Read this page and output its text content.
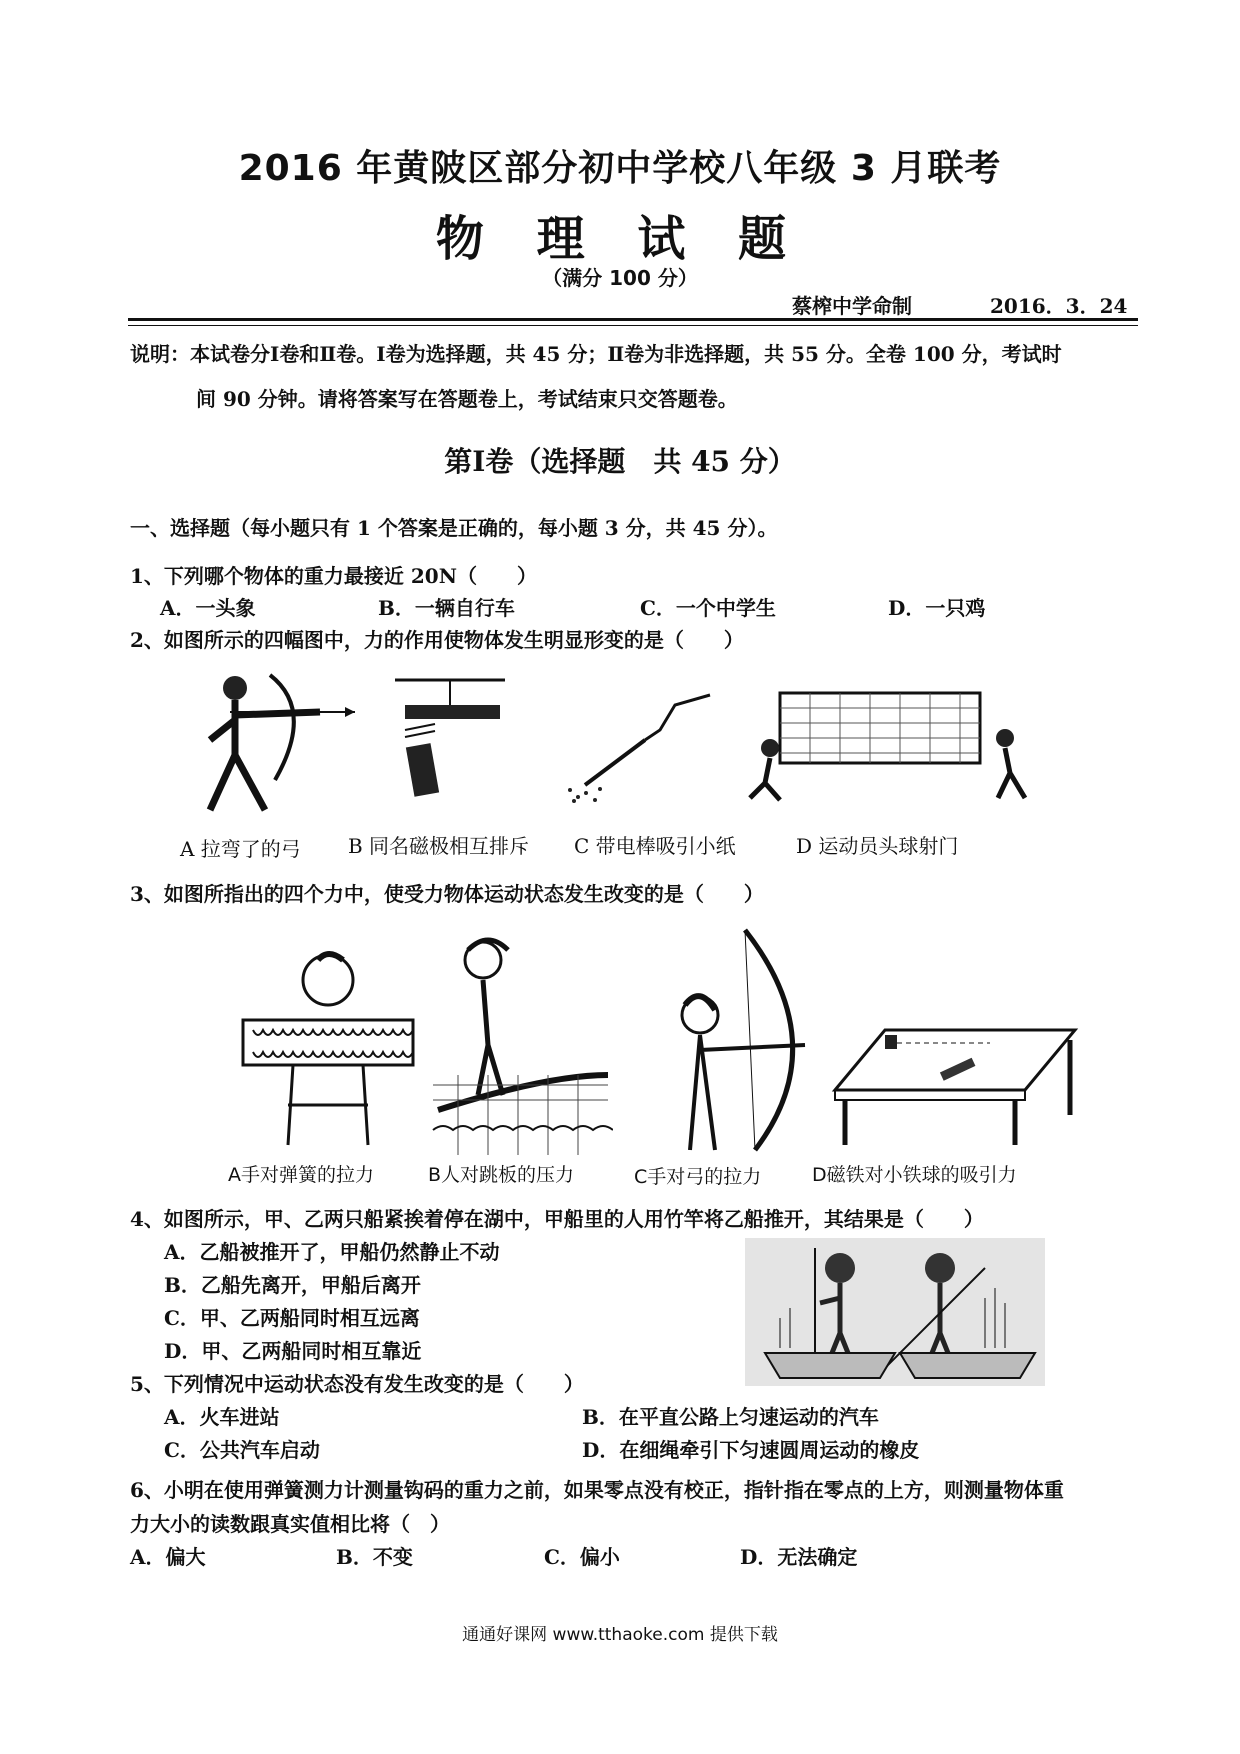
2016 年黄陂区部分初中学校八年级 3 月联考
物 理 试 题
（满分 100 分）
蔡榨中学命制	2016．3．24
说明：本试卷分Ⅰ卷和Ⅱ卷。Ⅰ卷为选择题，共 45 分；Ⅱ卷为非选择题，共 55 分。全卷 100 分，考试时
间 90 分钟。请将答案写在答题卷上，考试结束只交答题卷。
第Ⅰ卷（选择题　共 45 分）
一、选择题（每小题只有 1 个答案是正确的，每小题 3 分，共 45 分）。
1、下列哪个物体的重力最接近 20N（　　）
A．一头象	B．一辆自行车	C．一个中学生	D．一只鸡
2、如图所示的四幅图中，力的作用使物体发生明显形变的是（　　）
A 拉弯了的弓 B 同名磁极相互排斥 C 带电棒吸引小纸	D 运动员头球射门
3、如图所指出的四个力中，使受力物体运动状态发生改变的是（　　）
A手对弹簧的拉力	B人对跳板的压力	C手对弓的拉力	D磁铁对小铁球的吸引力
4、如图所示，甲、乙两只船紧挨着停在湖中，甲船里的人用竹竿将乙船推开，其结果是（　　）
A．乙船被推开了，甲船仍然静止不动
B．乙船先离开，甲船后离开
C．甲、乙两船同时相互远离
D．甲、乙两船同时相互靠近
5、下列情况中运动状态没有发生改变的是（　　）
A．火车进站	B．在平直公路上匀速运动的汽车
C．公共汽车启动	D．在细绳牵引下匀速圆周运动的橡皮
6、小明在使用弹簧测力计测量钩码的重力之前，如果零点没有校正，指针指在零点的上方，则测量物体重
力大小的读数跟真实值相比将（　）
A．偏大	B．不变	C．偏小	D．无法确定
通通好课网 www.tthaoke.com 提供下载
